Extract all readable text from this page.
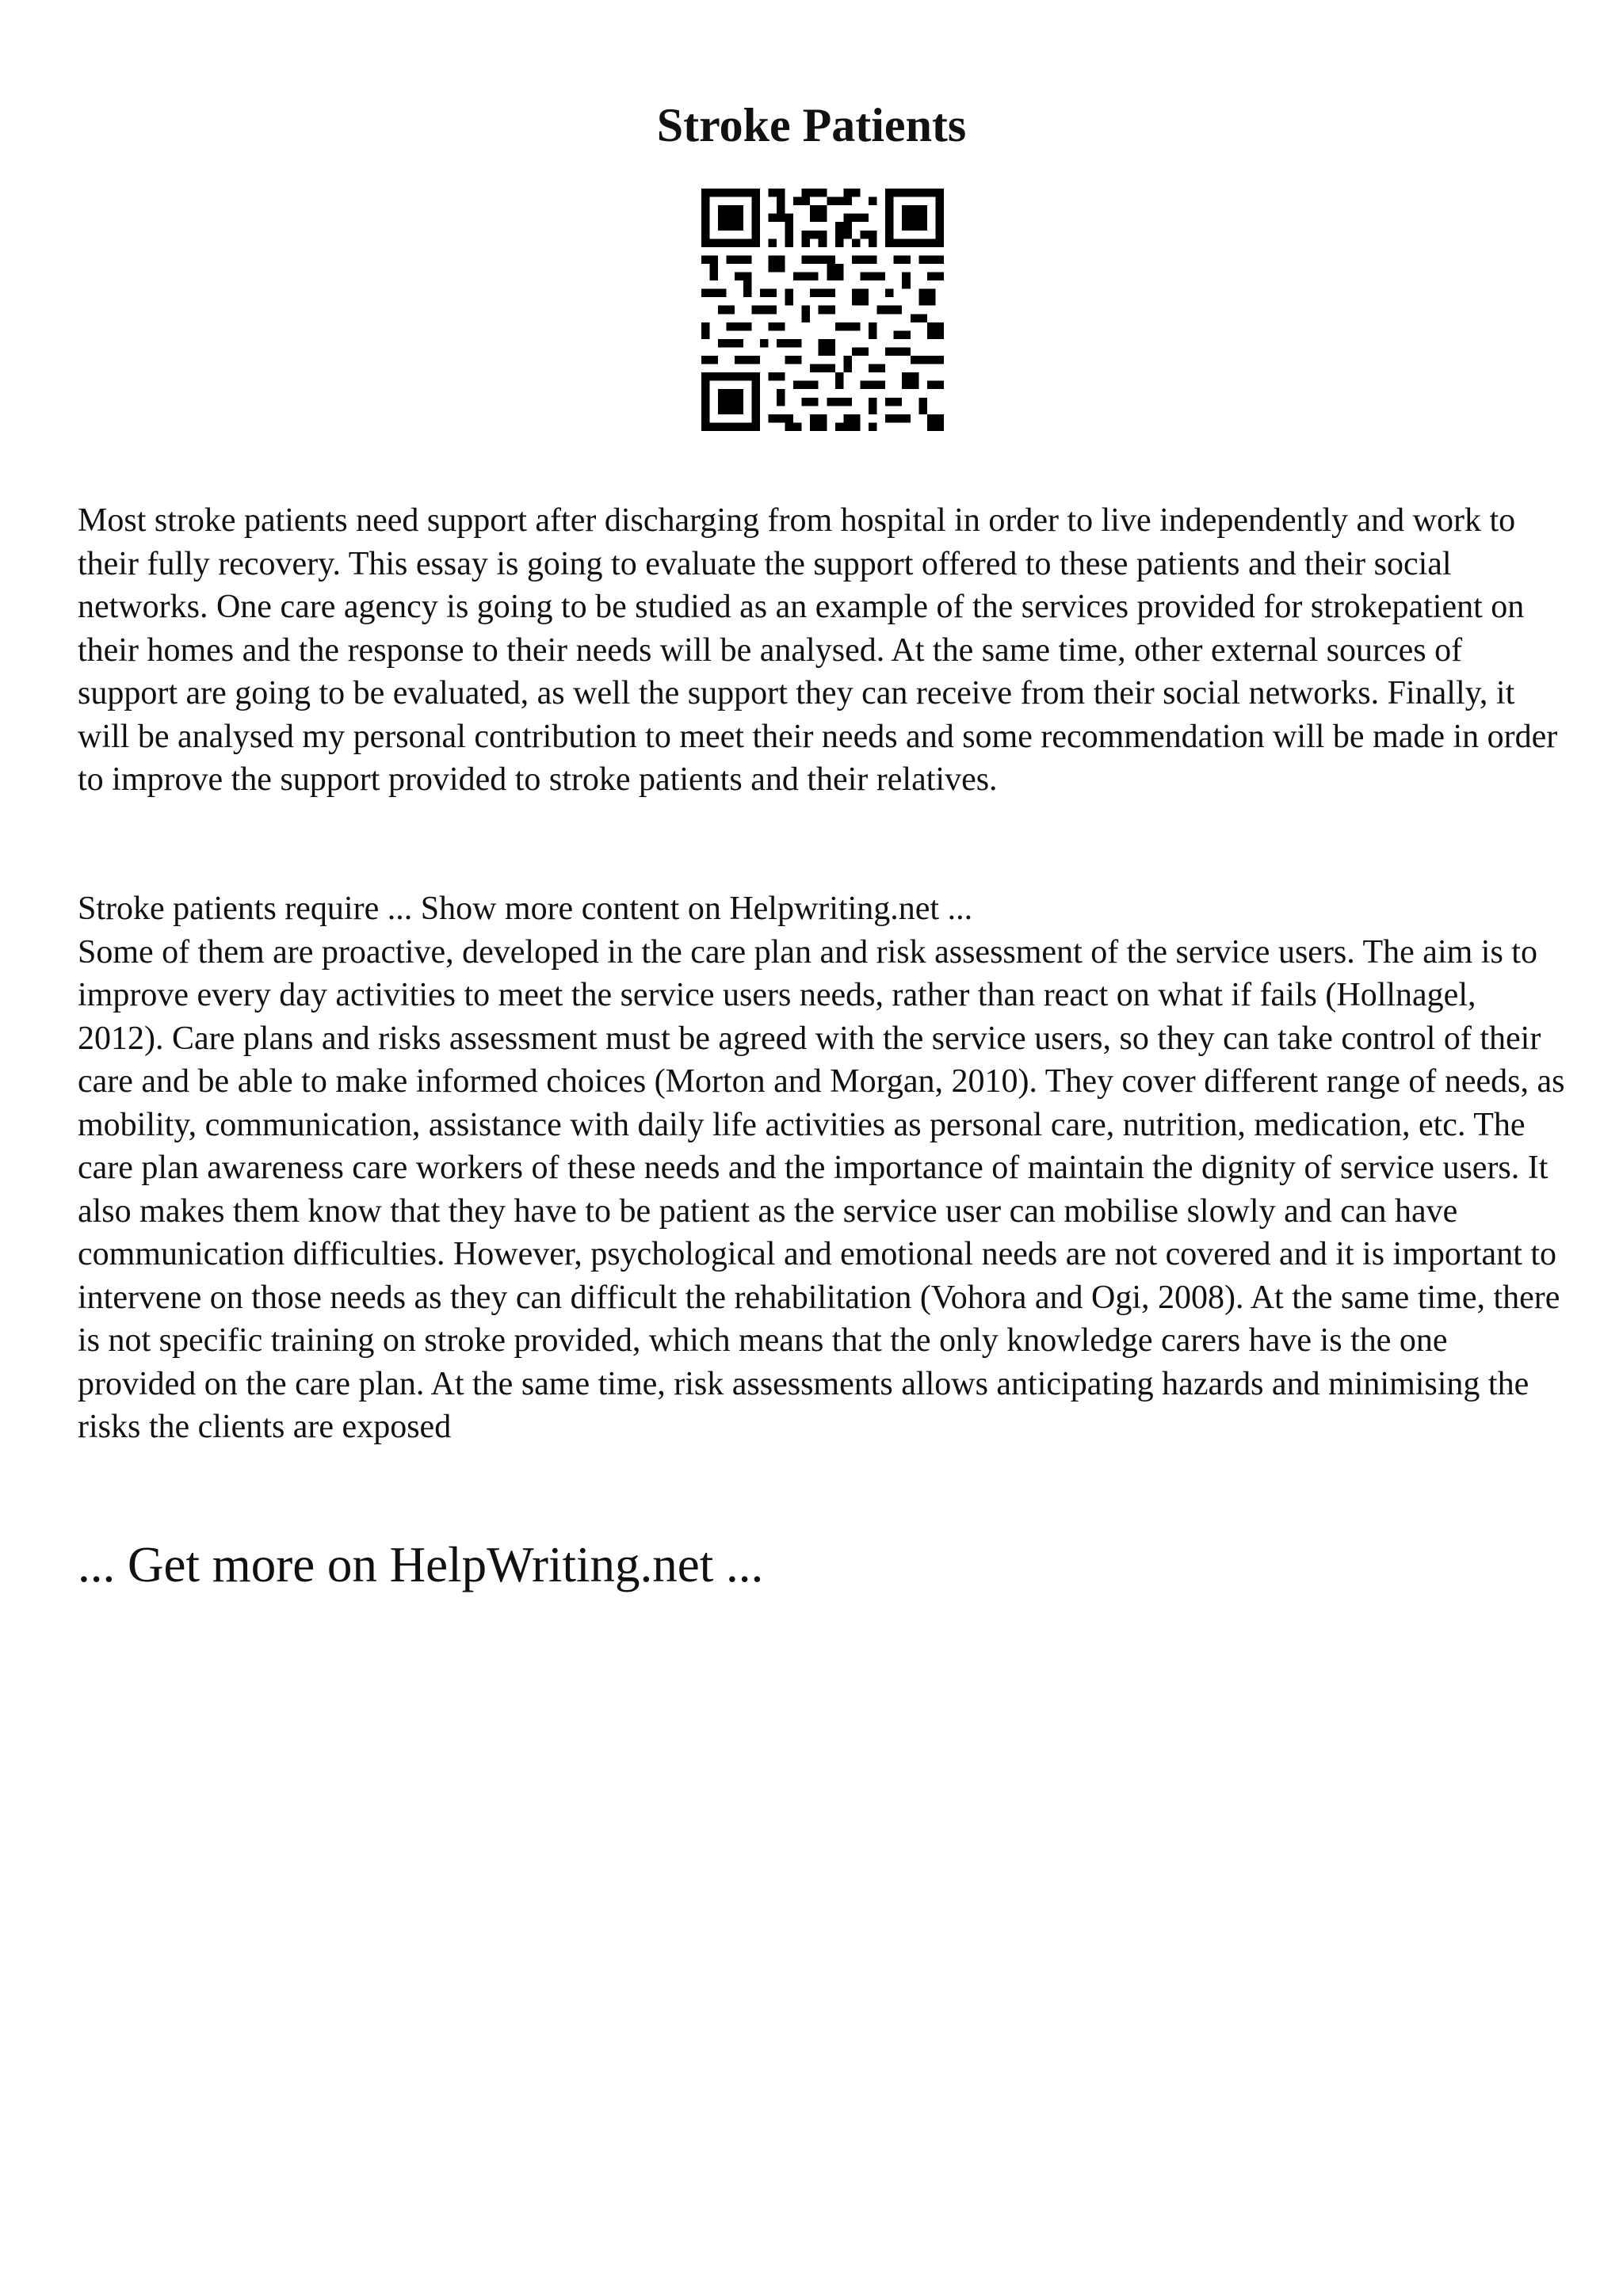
Stroke Patients
Most stroke patients need support after discharging from hospital in order to live independently and work to their fully recovery. This essay is going to evaluate the support offered to these patients and their social networks. One care agency is going to be studied as an example of the services provided for strokepatient on their homes and the response to their needs will be analysed. At the same time, other external sources of support are going to be evaluated, as well the support they can receive from their social networks. Finally, it will be analysed my personal contribution to meet their needs and some recommendation will be made in order to improve the support provided to stroke patients and their relatives.
Stroke patients require ... Show more content on Helpwriting.net ...
Some of them are proactive, developed in the care plan and risk assessment of the service users. The aim is to improve every day activities to meet the service users needs, rather than react on what if fails (Hollnagel, 2012). Care plans and risks assessment must be agreed with the service users, so they can take control of their care and be able to make informed choices (Morton and Morgan, 2010). They cover different range of needs, as mobility, communication, assistance with daily life activities as personal care, nutrition, medication, etc. The care plan awareness care workers of these needs and the importance of maintain the dignity of service users. It also makes them know that they have to be patient as the service user can mobilise slowly and can have communication difficulties. However, psychological and emotional needs are not covered and it is important to intervene on those needs as they can difficult the rehabilitation (Vohora and Ogi, 2008). At the same time, there is not specific training on stroke provided, which means that the only knowledge carers have is the one provided on the care plan. At the same time, risk assessments allows anticipating hazards and minimising the risks the clients are exposed
... Get more on HelpWriting.net ...
